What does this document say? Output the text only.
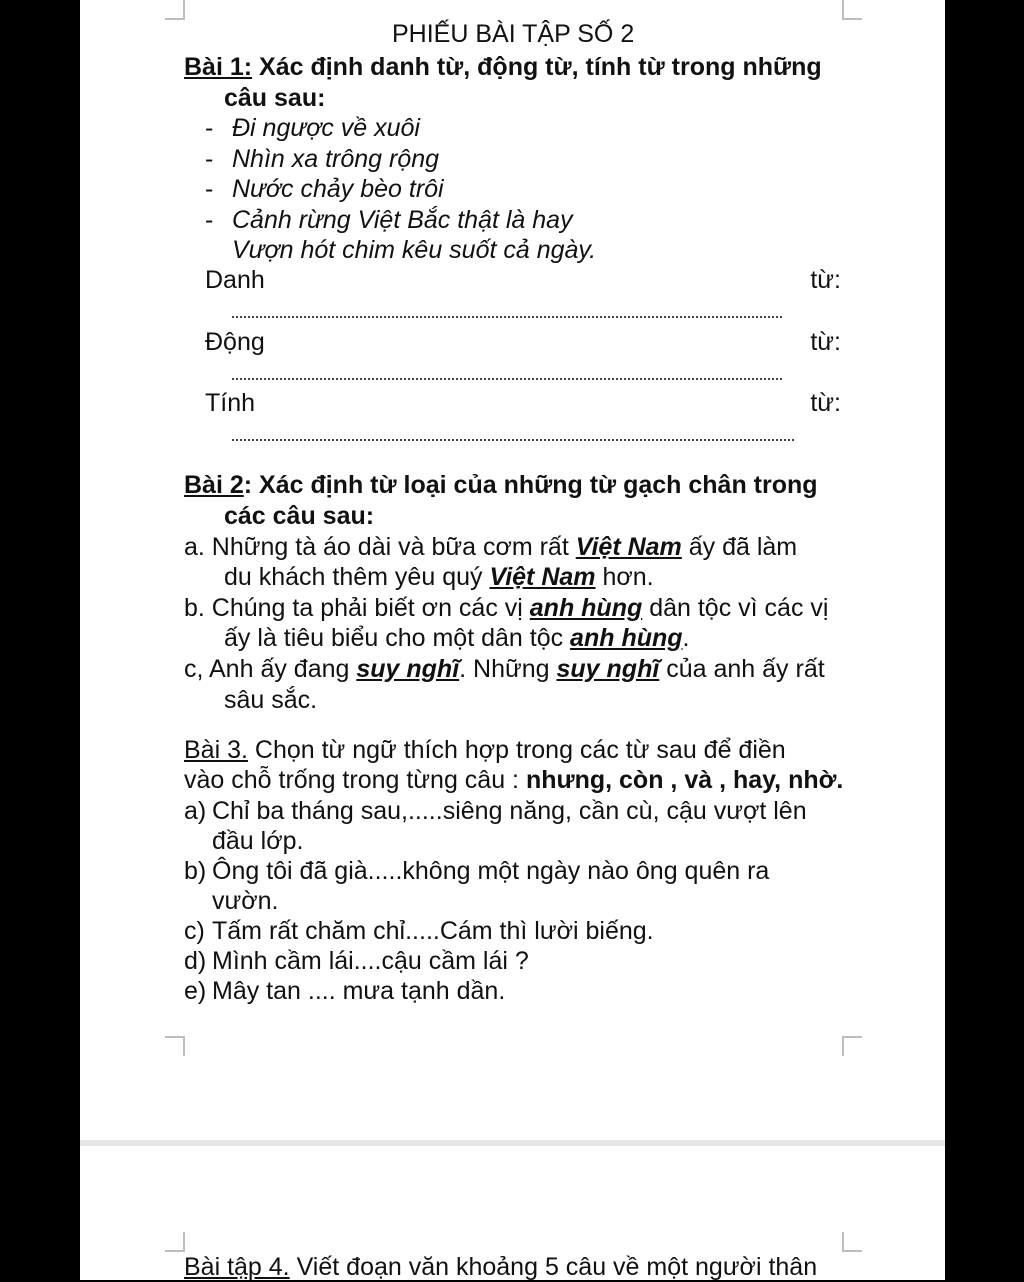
PHIẾU BÀI TẬP SỐ 2
Bài 1: Xác định danh từ, động từ, tính từ trong những
câu sau:
- Đi ngược về xuôi
- Nhìn xa trông rộng
- Nước chảy bèo trôi
- Cảnh rừng Việt Bắc thật là hay
Vượn hót chim kêu suốt cả ngày.
Danh	từ:
Động	từ:
Tính	từ:
Bài 2: Xác định từ loại của những từ gạch chân trong
các câu sau:
a. Những tà áo dài và bữa cơm rất Việt Nam ấy đã làm
du khách thêm yêu quý Việt Nam hơn.
b. Chúng ta phải biết ơn các vị anh hùng dân tộc vì các vị
ấy là tiêu biểu cho một dân tộc anh hùng.
c, Anh ấy đang suy nghĩ. Những suy nghĩ của anh ấy rất
sâu sắc.
Bài 3. Chọn từ ngữ thích hợp trong các từ sau để điền
vào chỗ trống trong từng câu : nhưng, còn , và , hay, nhờ.
a) Chỉ ba tháng sau,.....siêng năng, cần cù, cậu vượt lên
đầu lớp.
b) Ông tôi đã già.....không một ngày nào ông quên ra
vườn.
c) Tấm rất chăm chỉ.....Cám thì lười biếng.
d) Mình cầm lái....cậu cầm lái ?
e) Mây tan .... mưa tạnh dần.
Bài tập 4. Viết đoạn văn khoảng 5 câu về một người thân
